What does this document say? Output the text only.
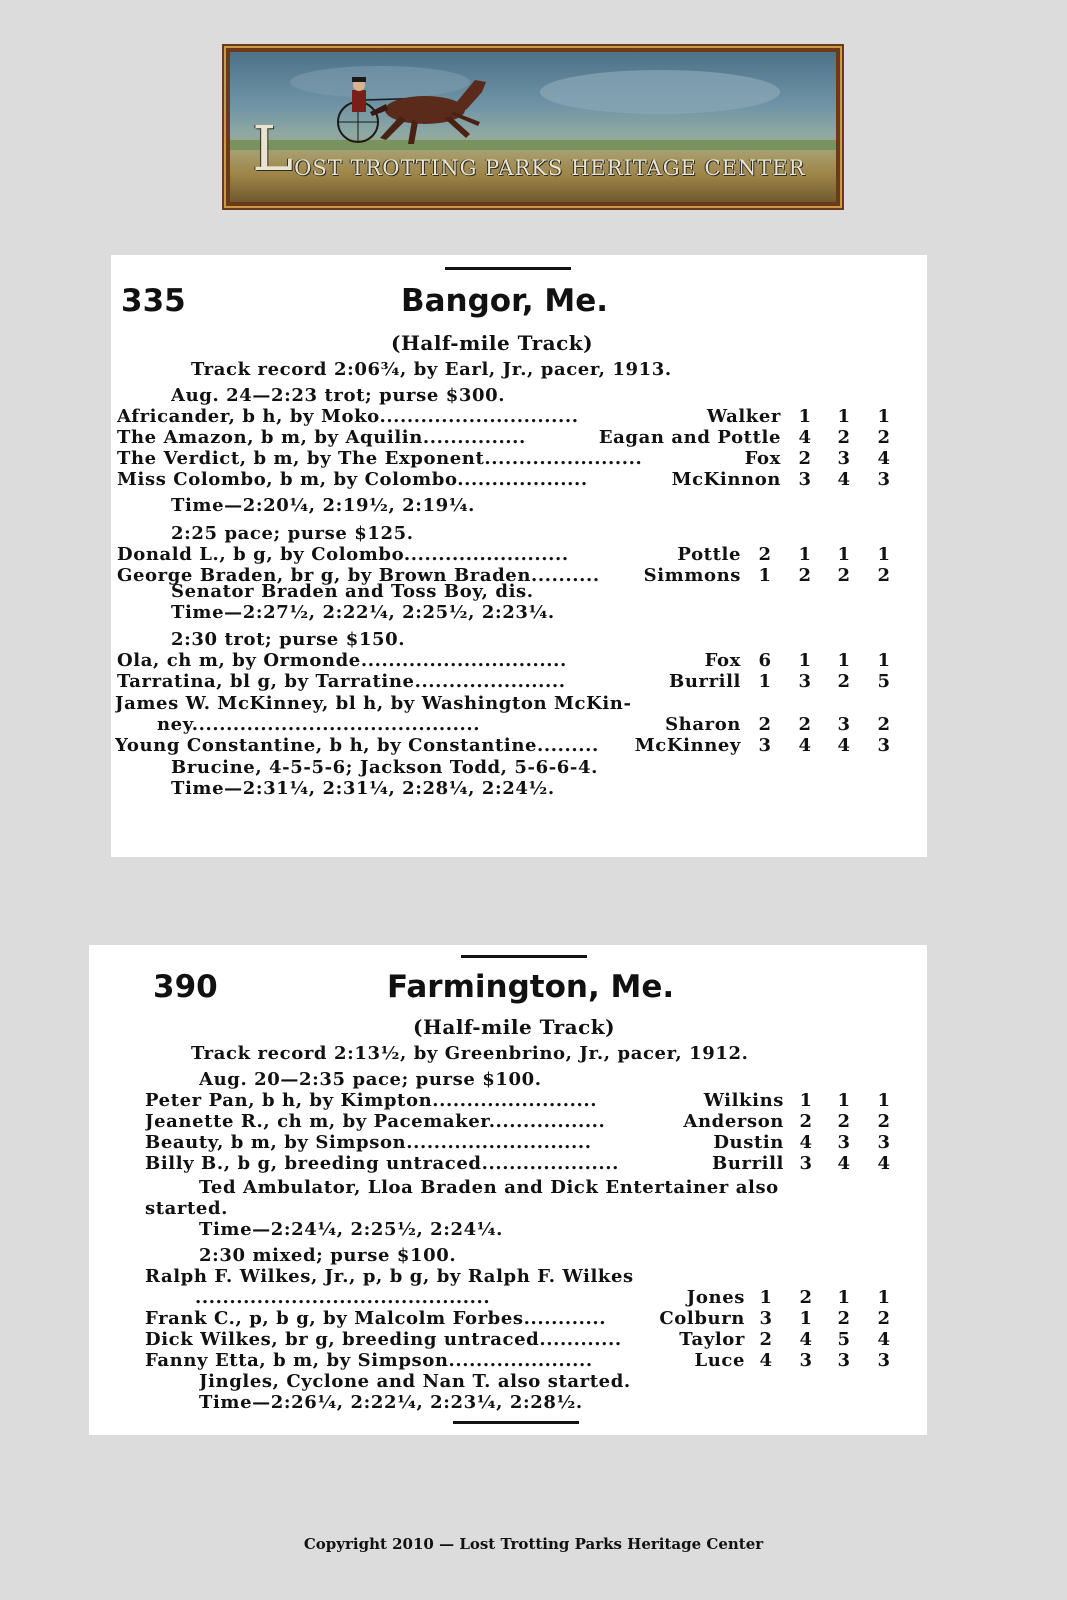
LOST TROTTING PARKS HERITAGE CENTER
335	Bangor, Me.
(Half-mile Track)
Track record 2:06¾, by Earl, Jr., pacer, 1913.
Aug. 24—2:23 trot; purse $300.
Africander, b h, by Moko.............................	Walker 1 1 1
The Amazon, b m, by Aquilin...............	Eagan and Pottle 4 2 2
The Verdict, b m, by The Exponent.......................	Fox 2 3 4
Miss Colombo, b m, by Colombo...................	McKinnon 3 4 3
Time—2:20¼, 2:19½, 2:19¼.
2:25 pace; purse $125.
Donald L., b g, by Colombo........................	Pottle 2 1 1 1
George Braden, br g, by Brown Braden.......... Simmons 1 2 2 2
Senator Braden and Toss Boy, dis.
Time—2:27½, 2:22¼, 2:25½, 2:23¼.
2:30 trot; purse $150.
Ola, ch m, by Ormonde..............................	Fox 6 1 1 1
Tarratina, bl g, by Tarratine......................	Burrill 1 3 2 5
James W. McKinney, bl h, by Washington McKin-
ney..........................................	Sharon 2 2 3 2
Young Constantine, b h, by Constantine......... McKinney 3 4 4 3
Brucine, 4-5-5-6; Jackson Todd, 5-6-6-4.
Time—2:31¼, 2:31¼, 2:28¼, 2:24½.
390	Farmington, Me.
(Half-mile Track)
Track record 2:13½, by Greenbrino, Jr., pacer, 1912.
Aug. 20—2:35 pace; purse $100.
Peter Pan, b h, by Kimpton........................	Wilkins 1 1 1
Jeanette R., ch m, by Pacemaker.................	Anderson 2 2 2
Beauty, b m, by Simpson...........................	Dustin 4 3 3
Billy B., b g, breeding untraced....................	Burrill 3 4 4
Ted Ambulator, Lloa Braden and Dick Entertainer also
started.
Time—2:24¼, 2:25½, 2:24¼.
2:30 mixed; purse $100.
Ralph F. Wilkes, Jr., p, b g, by Ralph F. Wilkes
...........................................	Jones 1 2 1 1
Frank C., p, b g, by Malcolm Forbes............	Colburn 3 1 2 2
Dick Wilkes, br g, breeding untraced............	Taylor 2 4 5 4
Fanny Etta, b m, by Simpson.....................	Luce 4 3 3 3
Jingles, Cyclone and Nan T. also started.
Time—2:26¼, 2:22¼, 2:23¼, 2:28½.
Copyright 2010 — Lost Trotting Parks Heritage Center
